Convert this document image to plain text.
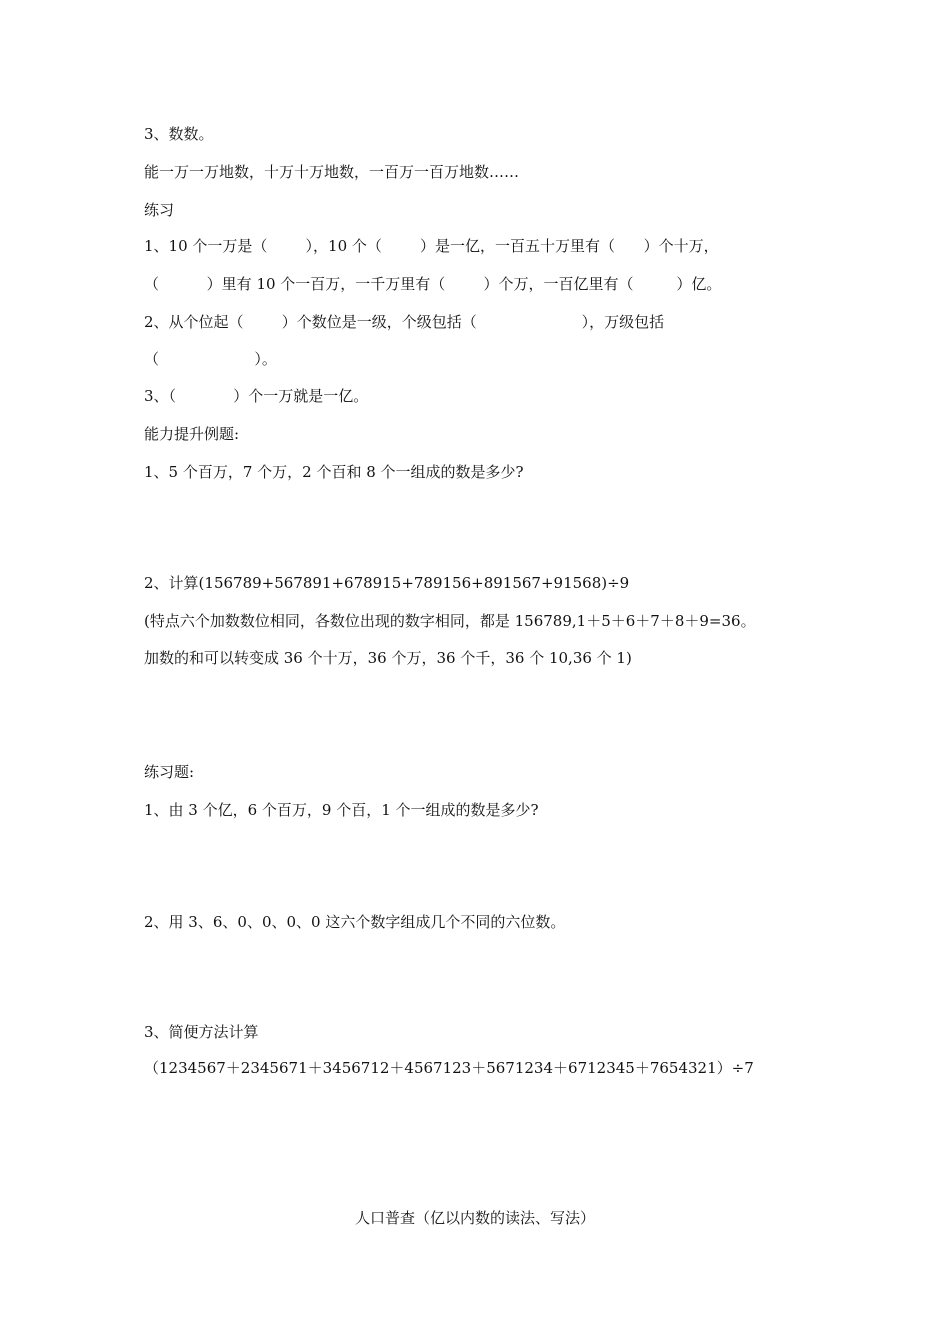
3、数数。
能一万一万地数，十万十万地数，一百万一百万地数……
练习
1、10 个一万是（        ），10 个（        ）是一亿，一百五十万里有（      ）个十万，
（          ）里有 10 个一百万，一千万里有（        ）个万，一百亿里有（         ）亿。
2、从个位起（        ）个数位是一级，个级包括（                      ），万级包括
（                    ）。
3、（            ）个一万就是一亿。
能力提升例题:
1、5 个百万，7 个万，2 个百和 8 个一组成的数是多少?
2、计算(156789+567891+678915+789156+891567+91568)÷9
(特点六个加数数位相同，各数位出现的数字相同，都是 156789,1＋5＋6＋7＋8＋9=36。
加数的和可以转变成 36 个十万，36 个万，36 个千，36 个 10,36 个 1)
练习题:
1、由 3 个亿，6 个百万，9 个百，1 个一组成的数是多少?
2、用 3、6、0、0、0、0 这六个数字组成几个不同的六位数。
3、简便方法计算
（1234567＋2345671＋3456712＋4567123＋5671234＋6712345＋7654321）÷7
人口普查（亿以内数的读法、写法）
